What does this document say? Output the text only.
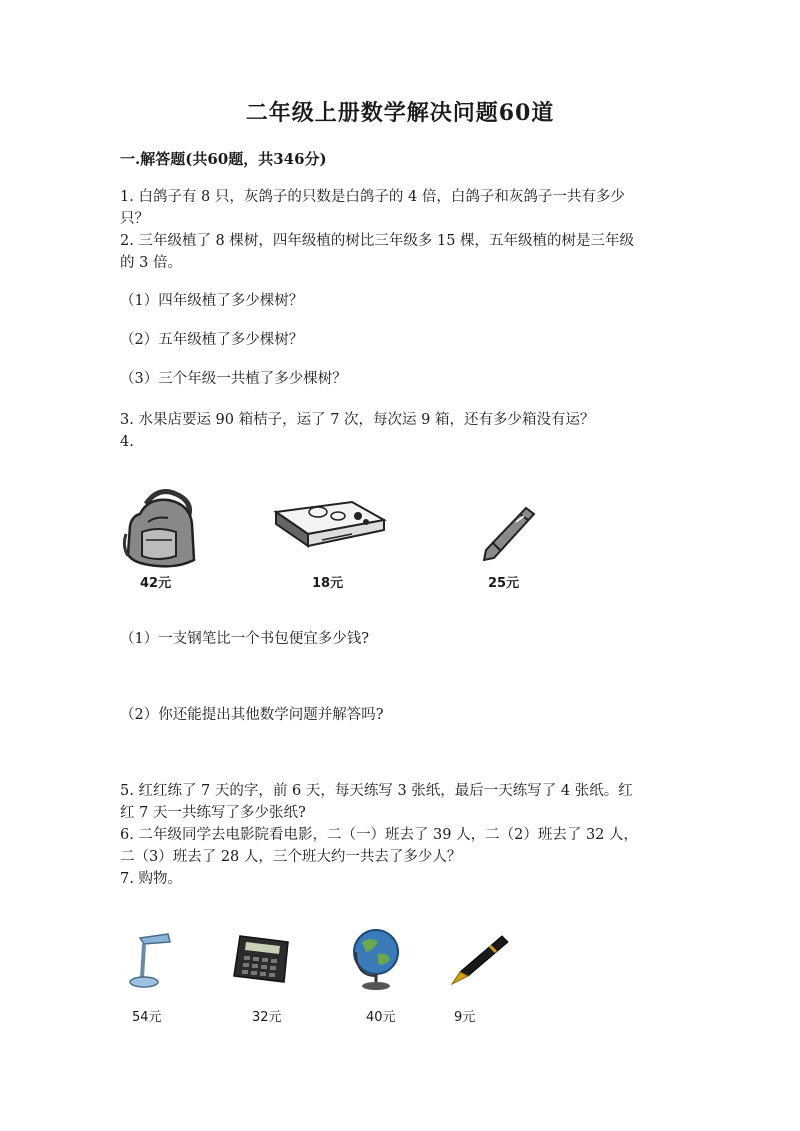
二年级上册数学解决问题60道
一.解答题(共60题，共346分)
1. 白鸽子有 8 只，灰鸽子的只数是白鸽子的 4 倍，白鸽子和灰鸽子一共有多少
只？
2. 三年级植了 8 棵树，四年级植的树比三年级多 15 棵，五年级植的树是三年级
的 3 倍。
（1）四年级植了多少棵树？
（2）五年级植了多少棵树？
（3）三个年级一共植了多少棵树？
3. 水果店要运 90 箱桔子，运了 7 次，每次运 9 箱，还有多少箱没有运？
4.
42元	18元	25元
（1）一支钢笔比一个书包便宜多少钱?
（2）你还能提出其他数学问题并解答吗?
5. 红红练了 7 天的字，前 6 天，每天练写 3 张纸，最后一天练写了 4 张纸。红
红 7 天一共练写了多少张纸?
6. 二年级同学去电影院看电影，二（一）班去了 39 人，二（2）班去了 32 人，
二（3）班去了 28 人，三个班大约一共去了多少人？
7. 购物。
54元	32元	40元	9元
